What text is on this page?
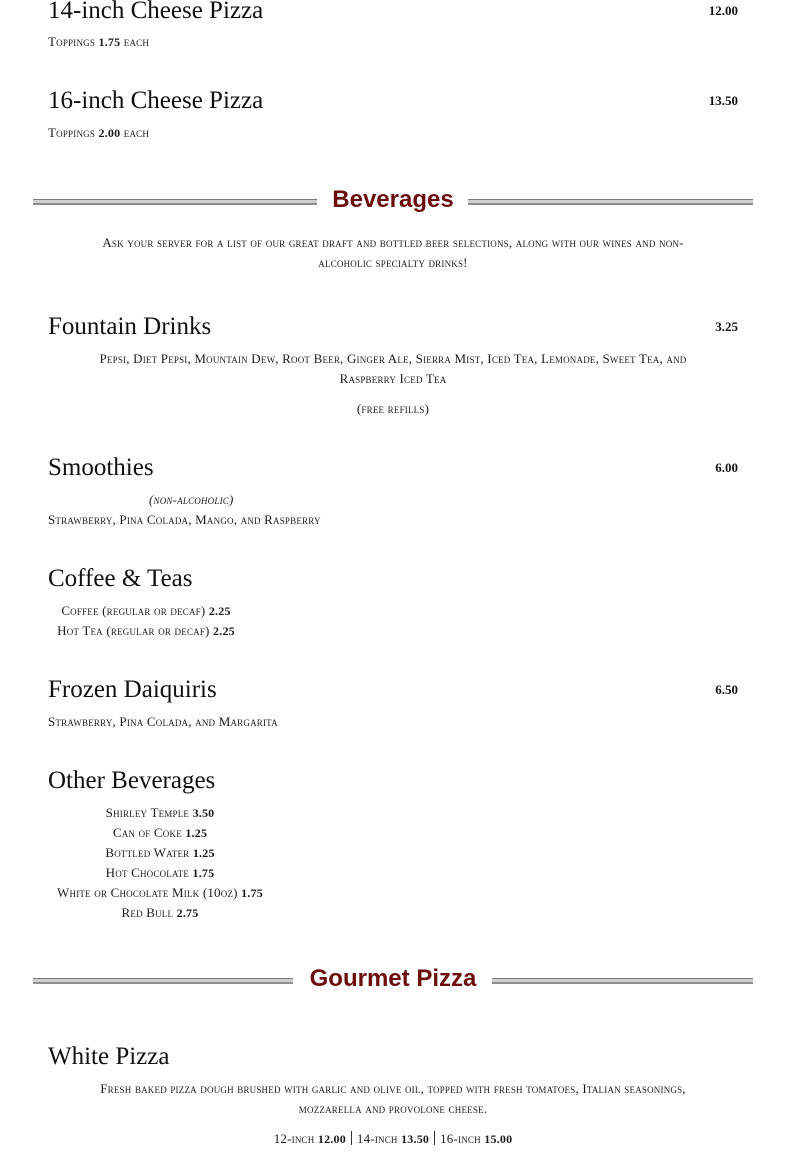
14-inch Cheese Pizza	12.00
Toppings 1.75 each
16-inch Cheese Pizza	13.50
Toppings 2.00 each
Beverages
Ask your server for a list of our great draft and bottled beer selections, along with our wines and non-
alcoholic specialty drinks!
Fountain Drinks	3.25
Pepsi, Diet Pepsi, Mountain Dew, Root Beer, Ginger Ale, Sierra Mist, Iced Tea, Lemonade, Sweet Tea, and
Raspberry Iced Tea
(free refills)
Smoothies	6.00
(non-alcoholic)
Strawberry, Pina Colada, Mango, and Raspberry
Coffee & Teas
Coffee (regular or decaf) 2.25
Hot Tea (regular or decaf) 2.25
Frozen Daiquiris	6.50
Strawberry, Pina Colada, and Margarita
Other Beverages
Shirley Temple 3.50
Can of Coke 1.25
Bottled Water 1.25
Hot Chocolate 1.75
White or Chocolate Milk (10oz) 1.75
Red Bull 2.75
Gourmet Pizza
White Pizza
Fresh baked pizza dough brushed with garlic and olive oil, topped with fresh tomatoes, Italian seasonings,
mozzarella and provolone cheese.
12-inch 12.00 14-inch 13.50 16-inch 15.00
